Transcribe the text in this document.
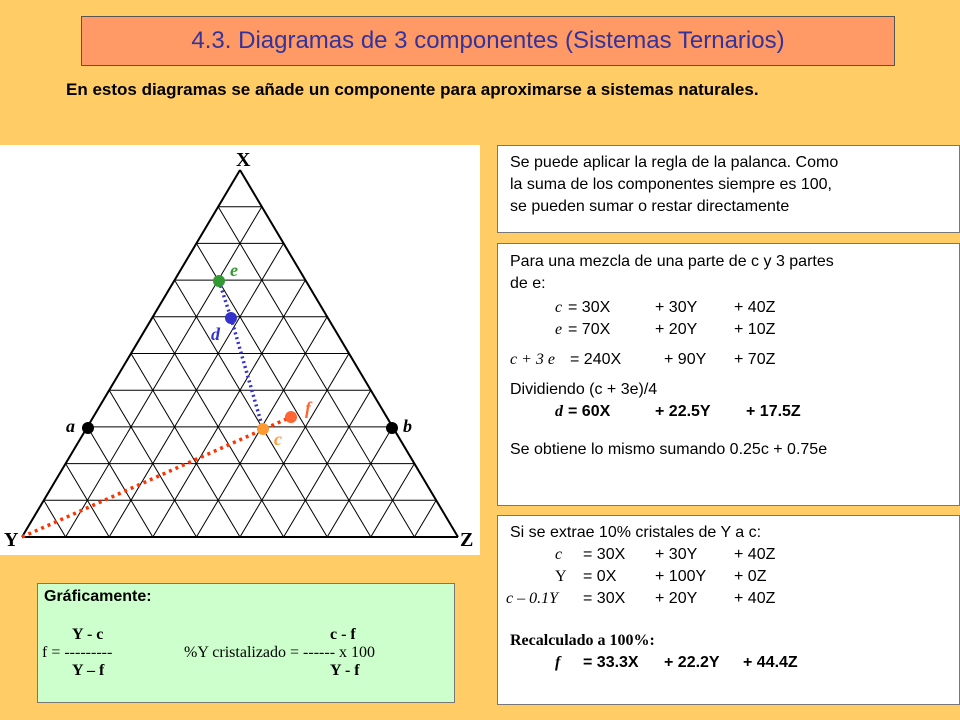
4.3. Diagramas de 3 componentes (Sistemas Ternarios)
En estos diagramas se añade un componente para aproximarse a sistemas naturales.
X
Y	Z
e
d
f
c
a	b
Se puede aplicar la regla de la palanca. Como
la suma de los componentes siempre es 100,
se pueden sumar o restar directamente
Para una mezcla de una parte de c y 3 partes
de e:
c = 30X	+ 30Y + 40Z
e = 70X	+ 20Y + 10Z
c + 3 e = 240X	+ 90Y + 70Z
Dividiendo (c + 3e)/4
d = 60X	+ 22.5Y + 17.5Z
Se obtiene lo mismo sumando 0.25c + 0.75e
Si se extrae 10% cristales de Y a c:
c = 30X + 30Y + 40Z
Y = 0X + 100Y + 0Z
c – 0.1Y = 30X + 20Y + 40Z
Recalculado a 100%:
f = 33.3X + 22.2Y + 44.4Z
Gráficamente:
Y - c
f = ---------
Y – f
c - f
%Y cristalizado = ------ x 100
Y - f
